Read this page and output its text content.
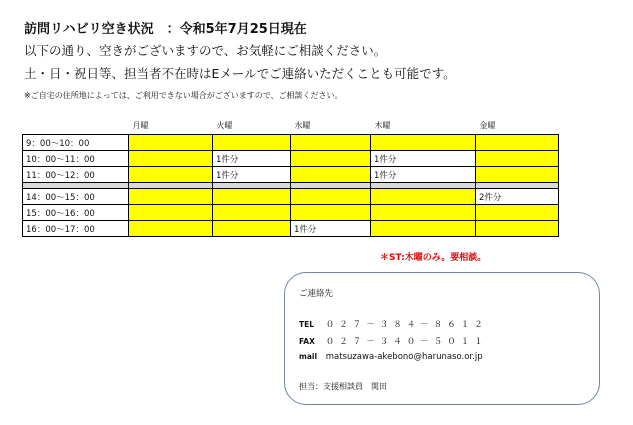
訪問リハビリ空き状況　：令和5年7月25日現在
以下の通り、空きがございますので、お気軽にご相談ください。
土・日・祝日等、担当者不在時はEメールでご連絡いただくことも可能です。
※ご自宅の住所地によっては、ご利用できない場合がございますので、ご相談ください。
	月曜	火曜	水曜	木曜	金曜
9：00〜10：00					
10：00〜11：00		1件分		1件分	
11：00〜12：00		1件分		1件分	

14：00〜15：00					2件分
15：00〜16：00					
16：00〜17：00			1件分		
＊ST:木曜のみ。要相談。
ご連絡先
TEL ０２７－３８４－８６１２
FAX ０２７－３４０－５０１１
mail matsuzawa-akebono@harunaso.or.jp
担当：支援相談員　関田
